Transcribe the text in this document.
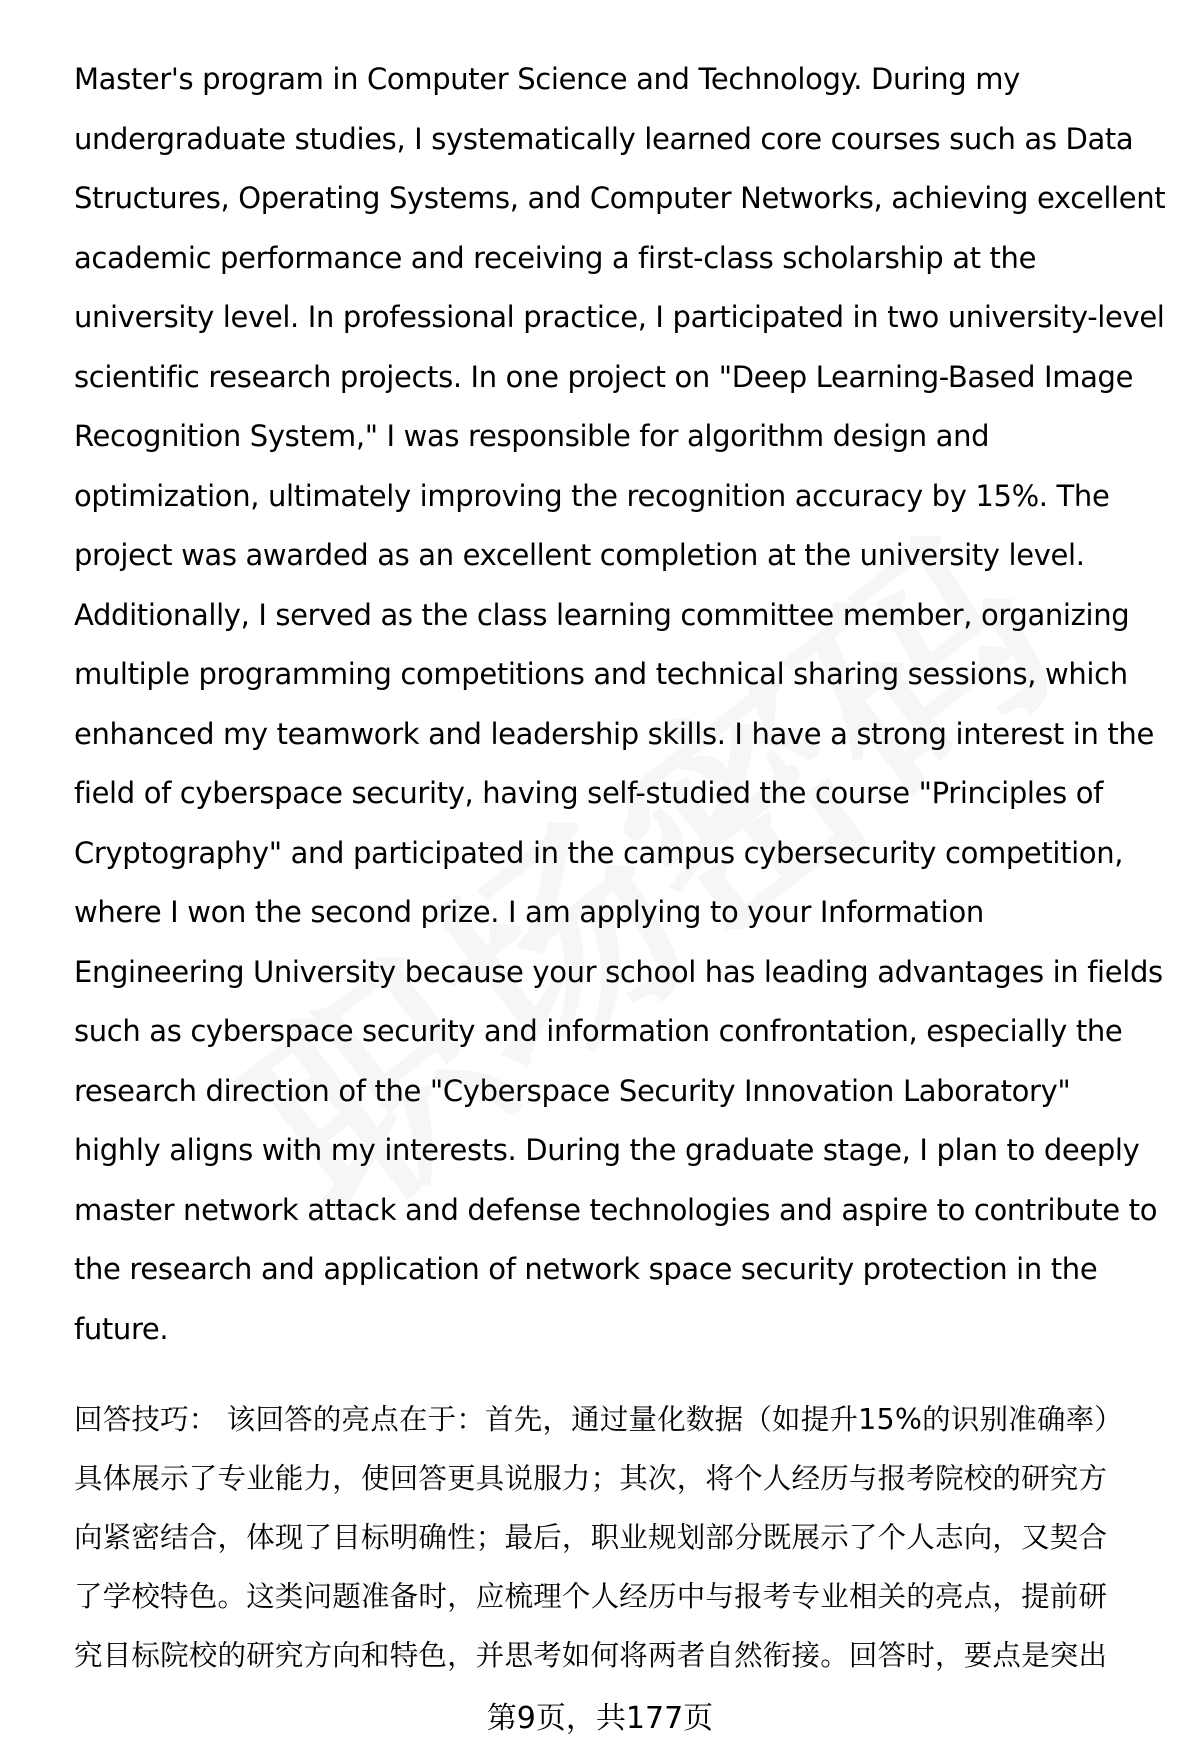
Master's program in Computer Science and Technology. During my
undergraduate studies, I systematically learned core courses such as Data
Structures, Operating Systems, and Computer Networks, achieving excellent
academic performance and receiving a first-class scholarship at the
university level. In professional practice, I participated in two university-level
scientific research projects. In one project on "Deep Learning-Based Image
Recognition System," I was responsible for algorithm design and
optimization, ultimately improving the recognition accuracy by 15%. The
project was awarded as an excellent completion at the university level.
Additionally, I served as the class learning committee member, organizing
multiple programming competitions and technical sharing sessions, which
enhanced my teamwork and leadership skills. I have a strong interest in the
field of cyberspace security, having self-studied the course "Principles of
Cryptography" and participated in the campus cybersecurity competition,
where I won the second prize. I am applying to your Information
Engineering University because your school has leading advantages in fields
such as cyberspace security and information confrontation, especially the
research direction of the "Cyberspace Security Innovation Laboratory"
highly aligns with my interests. During the graduate stage, I plan to deeply
master network attack and defense technologies and aspire to contribute to
the research and application of network space security protection in the
future.
回答技巧： 该回答的亮点在于：首先，通过量化数据（如提升15%的识别准确率）
具体展示了专业能力，使回答更具说服力；其次，将个人经历与报考院校的研究方
向紧密结合，体现了目标明确性；最后，职业规划部分既展示了个人志向，又契合
了学校特色。这类问题准备时，应梳理个人经历中与报考专业相关的亮点，提前研
究目标院校的研究方向和特色，并思考如何将两者自然衔接。回答时，要点是突出
第9页，共177页
